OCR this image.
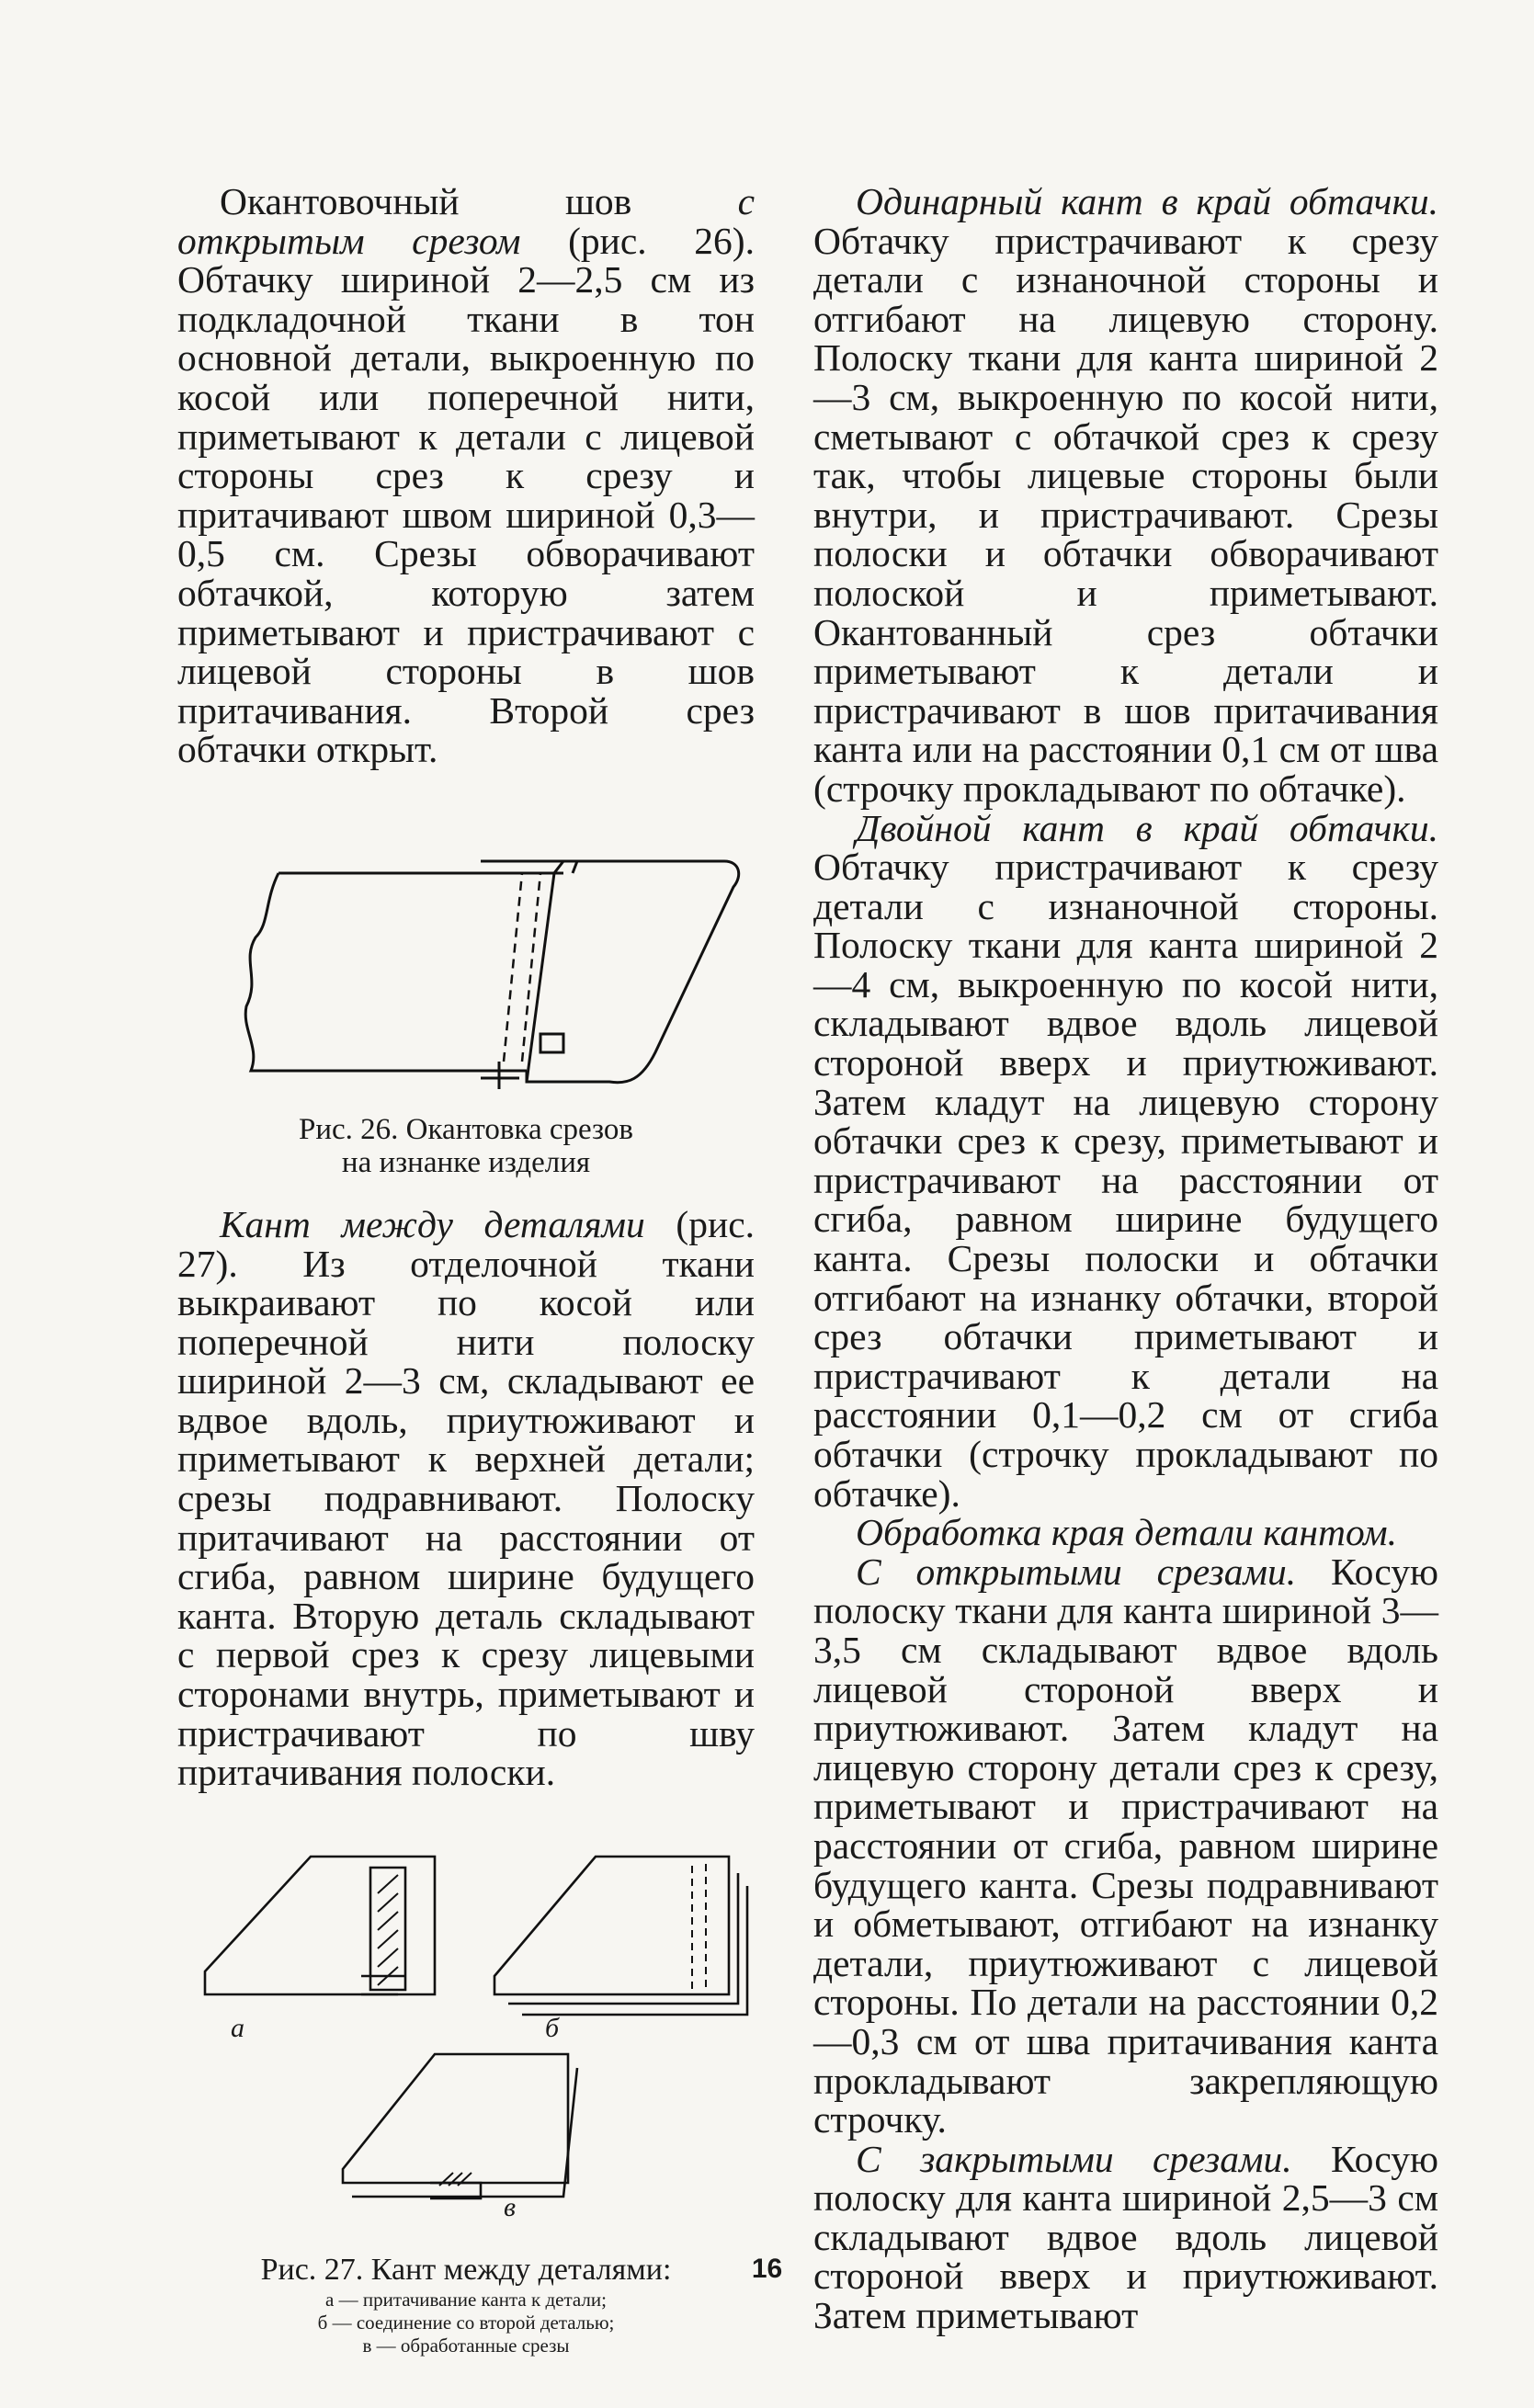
Окантовочный шов с открытым срезом (рис. 26). Обтачку шириной 2—2,5 см из подкладочной ткани в тон основной детали, выкроенную по косой или поперечной нити, приметывают к детали с лицевой стороны срез к срезу и притачивают швом шириной 0,3—0,5 см. Срезы обворачивают обтачкой, которую затем приметывают и пристрачивают с лицевой стороны в шов притачивания. Второй срез обтачки открыт.

Рис. 26. Окантовка срезов

на изнанке изделия

Кант между деталями (рис. 27). Из отделочной ткани выкраивают по косой или поперечной нити полоску шириной 2—3 см, складывают ее вдвое вдоль, приутюживают и приметывают к верхней детали; срезы подравнивают. Полоску притачивают на расстоянии от сгиба, равном ширине будущего канта. Вторую деталь складывают с первой срез к срезу лицевыми сторонами внутрь, приметывают и пристрачивают по шву притачивания полоски.

а	б
в

Рис. 27. Кант между деталями:

а — притачивание канта к детали;

б — соединение со второй деталью;

в — обработанные срезы

Одинарный кант в край обтачки. Обтачку пристрачивают к срезу детали с изнаночной стороны и отгибают на лицевую сторону. Полоску ткани для канта шириной 2—3 см, выкроенную по косой нити, сметывают с обтачкой срез к срезу так, чтобы лицевые стороны были внутри, и пристрачивают. Срезы полоски и обтачки обворачивают полоской и приметывают. Окантованный срез обтачки приметывают к детали и пристрачивают в шов притачивания канта или на расстоянии 0,1 см от шва (строчку прокладывают по обтачке).

Двойной кант в край обтачки. Обтачку пристрачивают к срезу детали с изнаночной стороны. Полоску ткани для канта шириной 2—4 см, выкроенную по косой нити, складывают вдвое вдоль лицевой стороной вверх и приутюживают. Затем кладут на лицевую сторону обтачки срез к срезу, приметывают и пристрачивают на расстоянии от сгиба, равном ширине будущего канта. Срезы полоски и обтачки отгибают на изнанку обтачки, второй срез обтачки приметывают и пристрачивают к детали на расстоянии 0,1—0,2 см от сгиба обтачки (строчку прокладывают по обтачке).

Обработка края детали кантом.
С открытыми срезами. Косую полоску ткани для канта шириной 3—3,5 см складывают вдвое вдоль лицевой стороной вверх и приутюживают. Затем кладут на лицевую сторону детали срез к срезу, приметывают и пристрачивают на расстоянии от сгиба, равном ширине будущего канта. Срезы подравнивают и обметывают, отгибают на изнанку детали, приутюживают с лицевой стороны. По детали на расстоянии 0,2—0,3 см от шва притачивания канта прокладывают закрепляющую строчку.

С закрытыми срезами. Косую полоску для канта шириной 2,5—3 см складывают вдвое вдоль лицевой стороной вверх и приутюживают. Затем приметывают

16
